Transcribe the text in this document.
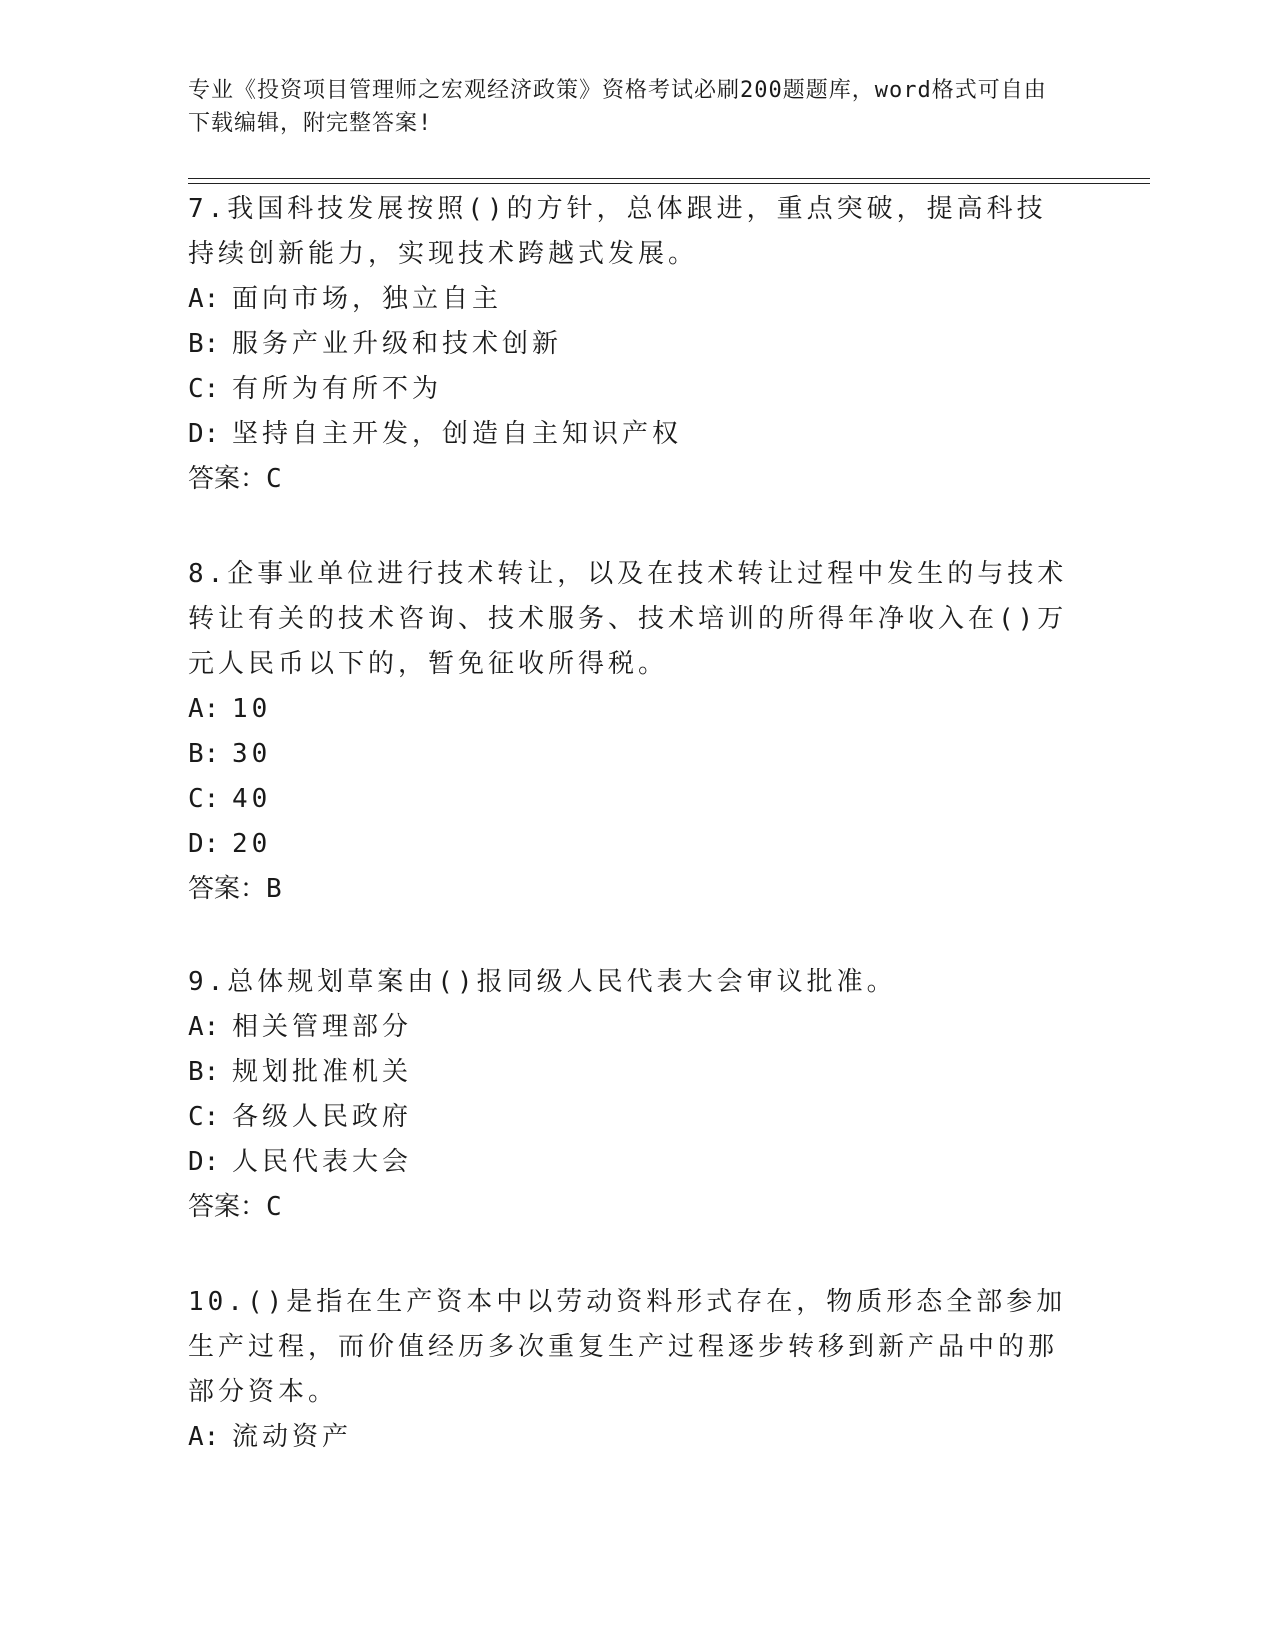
专业《投资项目管理师之宏观经济政策》资格考试必刷200题题库，word格式可自由下载编辑，附完整答案!

7.我国科技发展按照()的方针，总体跟进，重点突破，提高科技持续创新能力，实现技术跨越式发展。

A: 面向市场，独立自主

B: 服务产业升级和技术创新

C: 有所为有所不为

D: 坚持自主开发，创造自主知识产权

答案：C

8.企事业单位进行技术转让，以及在技术转让过程中发生的与技术转让有关的技术咨询、技术服务、技术培训的所得年净收入在()万元人民币以下的，暂免征收所得税。

A: 10

B: 30

C: 40

D: 20

答案：B

9.总体规划草案由()报同级人民代表大会审议批准。

A: 相关管理部分

B: 规划批准机关

C: 各级人民政府

D: 人民代表大会

答案：C

10.()是指在生产资本中以劳动资料形式存在，物质形态全部参加生产过程，而价值经历多次重复生产过程逐步转移到新产品中的那部分资本。

A: 流动资产
